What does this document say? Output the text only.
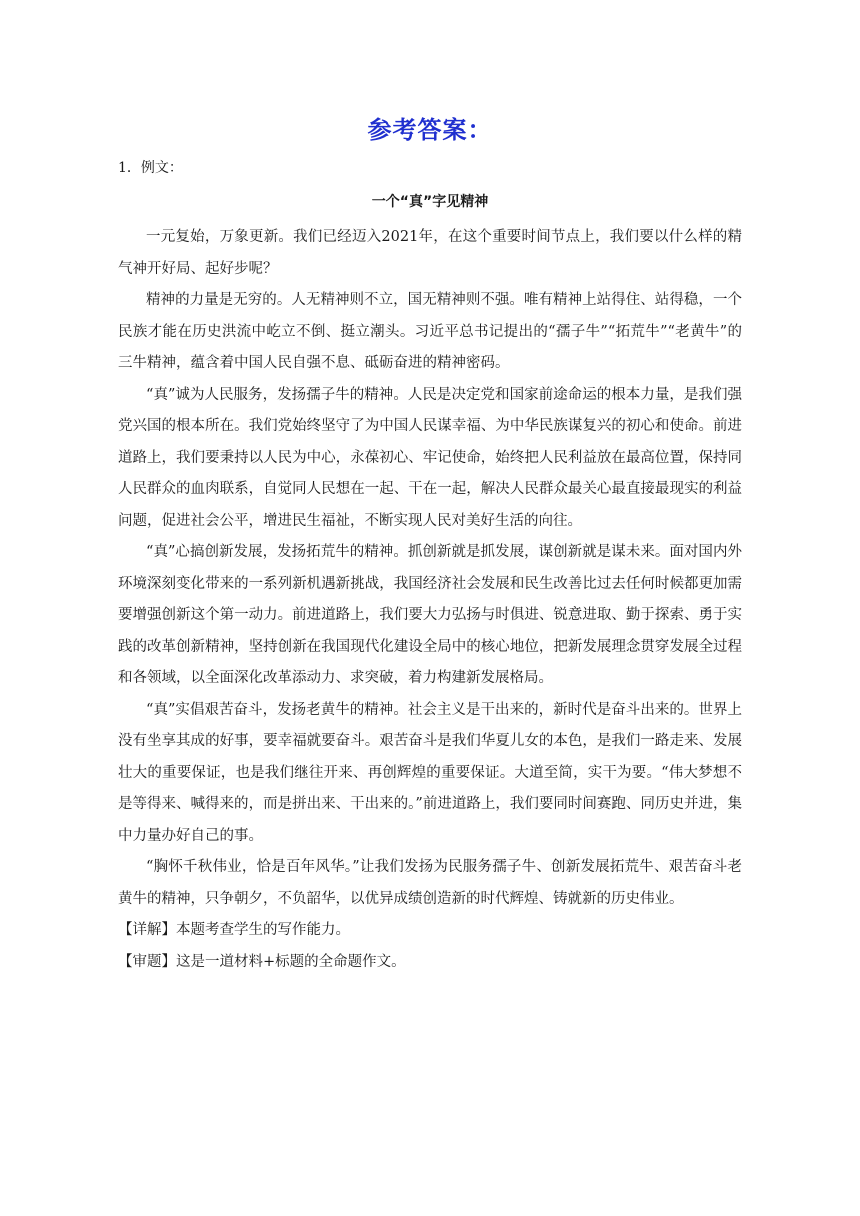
参考答案：
1．例文：
一个“真”字见精神

一元复始，万象更新。我们已经迈入2021年，在这个重要时间节点上，我们要以什么样的精气神开好局、起好步呢？

精神的力量是无穷的。人无精神则不立，国无精神则不强。唯有精神上站得住、站得稳，一个民族才能在历史洪流中屹立不倒、挺立潮头。习近平总书记提出的“孺子牛”“拓荒牛”“老黄牛”的三牛精神，蕴含着中国人民自强不息、砥砺奋进的精神密码。

“真”诚为人民服务，发扬孺子牛的精神。人民是决定党和国家前途命运的根本力量，是我们强党兴国的根本所在。我们党始终坚守了为中国人民谋幸福、为中华民族谋复兴的初心和使命。前进道路上，我们要秉持以人民为中心，永葆初心、牢记使命，始终把人民利益放在最高位置，保持同人民群众的血肉联系，自觉同人民想在一起、干在一起，解决人民群众最关心最直接最现实的利益问题，促进社会公平，增进民生福祉，不断实现人民对美好生活的向往。

“真”心搞创新发展，发扬拓荒牛的精神。抓创新就是抓发展，谋创新就是谋未来。面对国内外环境深刻变化带来的一系列新机遇新挑战，我国经济社会发展和民生改善比过去任何时候都更加需要增强创新这个第一动力。前进道路上，我们要大力弘扬与时俱进、锐意进取、勤于探索、勇于实践的改革创新精神，坚持创新在我国现代化建设全局中的核心地位，把新发展理念贯穿发展全过程和各领域，以全面深化改革添动力、求突破，着力构建新发展格局。

“真”实倡艰苦奋斗，发扬老黄牛的精神。社会主义是干出来的，新时代是奋斗出来的。世界上没有坐享其成的好事，要幸福就要奋斗。艰苦奋斗是我们华夏儿女的本色，是我们一路走来、发展壮大的重要保证，也是我们继往开来、再创辉煌的重要保证。大道至简，实干为要。“伟大梦想不是等得来、喊得来的，而是拼出来、干出来的。”前进道路上，我们要同时间赛跑、同历史并进，集中力量办好自己的事。

“胸怀千秋伟业，恰是百年风华。”让我们发扬为民服务孺子牛、创新发展拓荒牛、艰苦奋斗老黄牛的精神，只争朝夕，不负韶华，以优异成绩创造新的时代辉煌、铸就新的历史伟业。

【详解】本题考查学生的写作能力。

【审题】这是一道材料+标题的全命题作文。
